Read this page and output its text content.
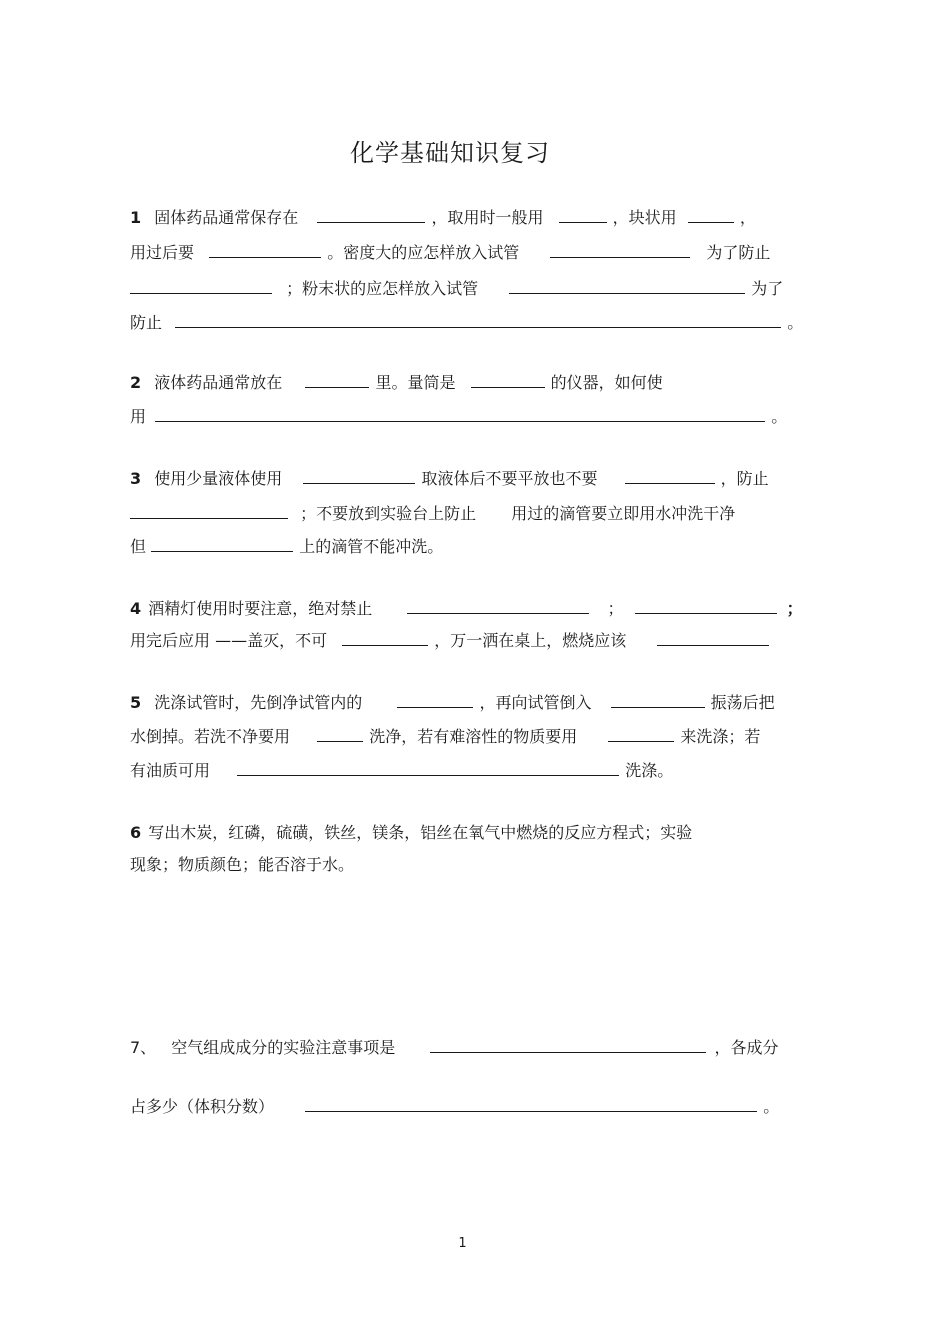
化学基础知识复习
1 固体药品通常保存在	，取用时一般用	，块状用	，
用过后要	。密度大的应怎样放入试管	为了防止
；粉末状的应怎样放入试管	为了
防止	。
2 液体药品通常放在	里。量筒是	的仪器，如何使
用	。
3 使用少量液体使用	取液体后不要平放也不要	，防止
；不要放到实验台上防止 用过的滴管要立即用水冲洗干净
但	上的滴管不能冲洗。
4 酒精灯使用时要注意，绝对禁止	；	；
用完后应用 ——盖灭，不可	，万一洒在桌上，燃烧应该
5 洗涤试管时，先倒净试管内的	，再向试管倒入	振荡后把
水倒掉。若洗不净要用	洗净，若有难溶性的物质要用	来洗涤；若
有油质可用	洗涤。
6 写出木炭，红磷，硫磺，铁丝，镁条，铝丝在氧气中燃烧的反应方程式；实验
现象；物质颜色；能否溶于水。
7、 空气组成成分的实验注意事项是	，各成分
占多少（体积分数）	。
1
